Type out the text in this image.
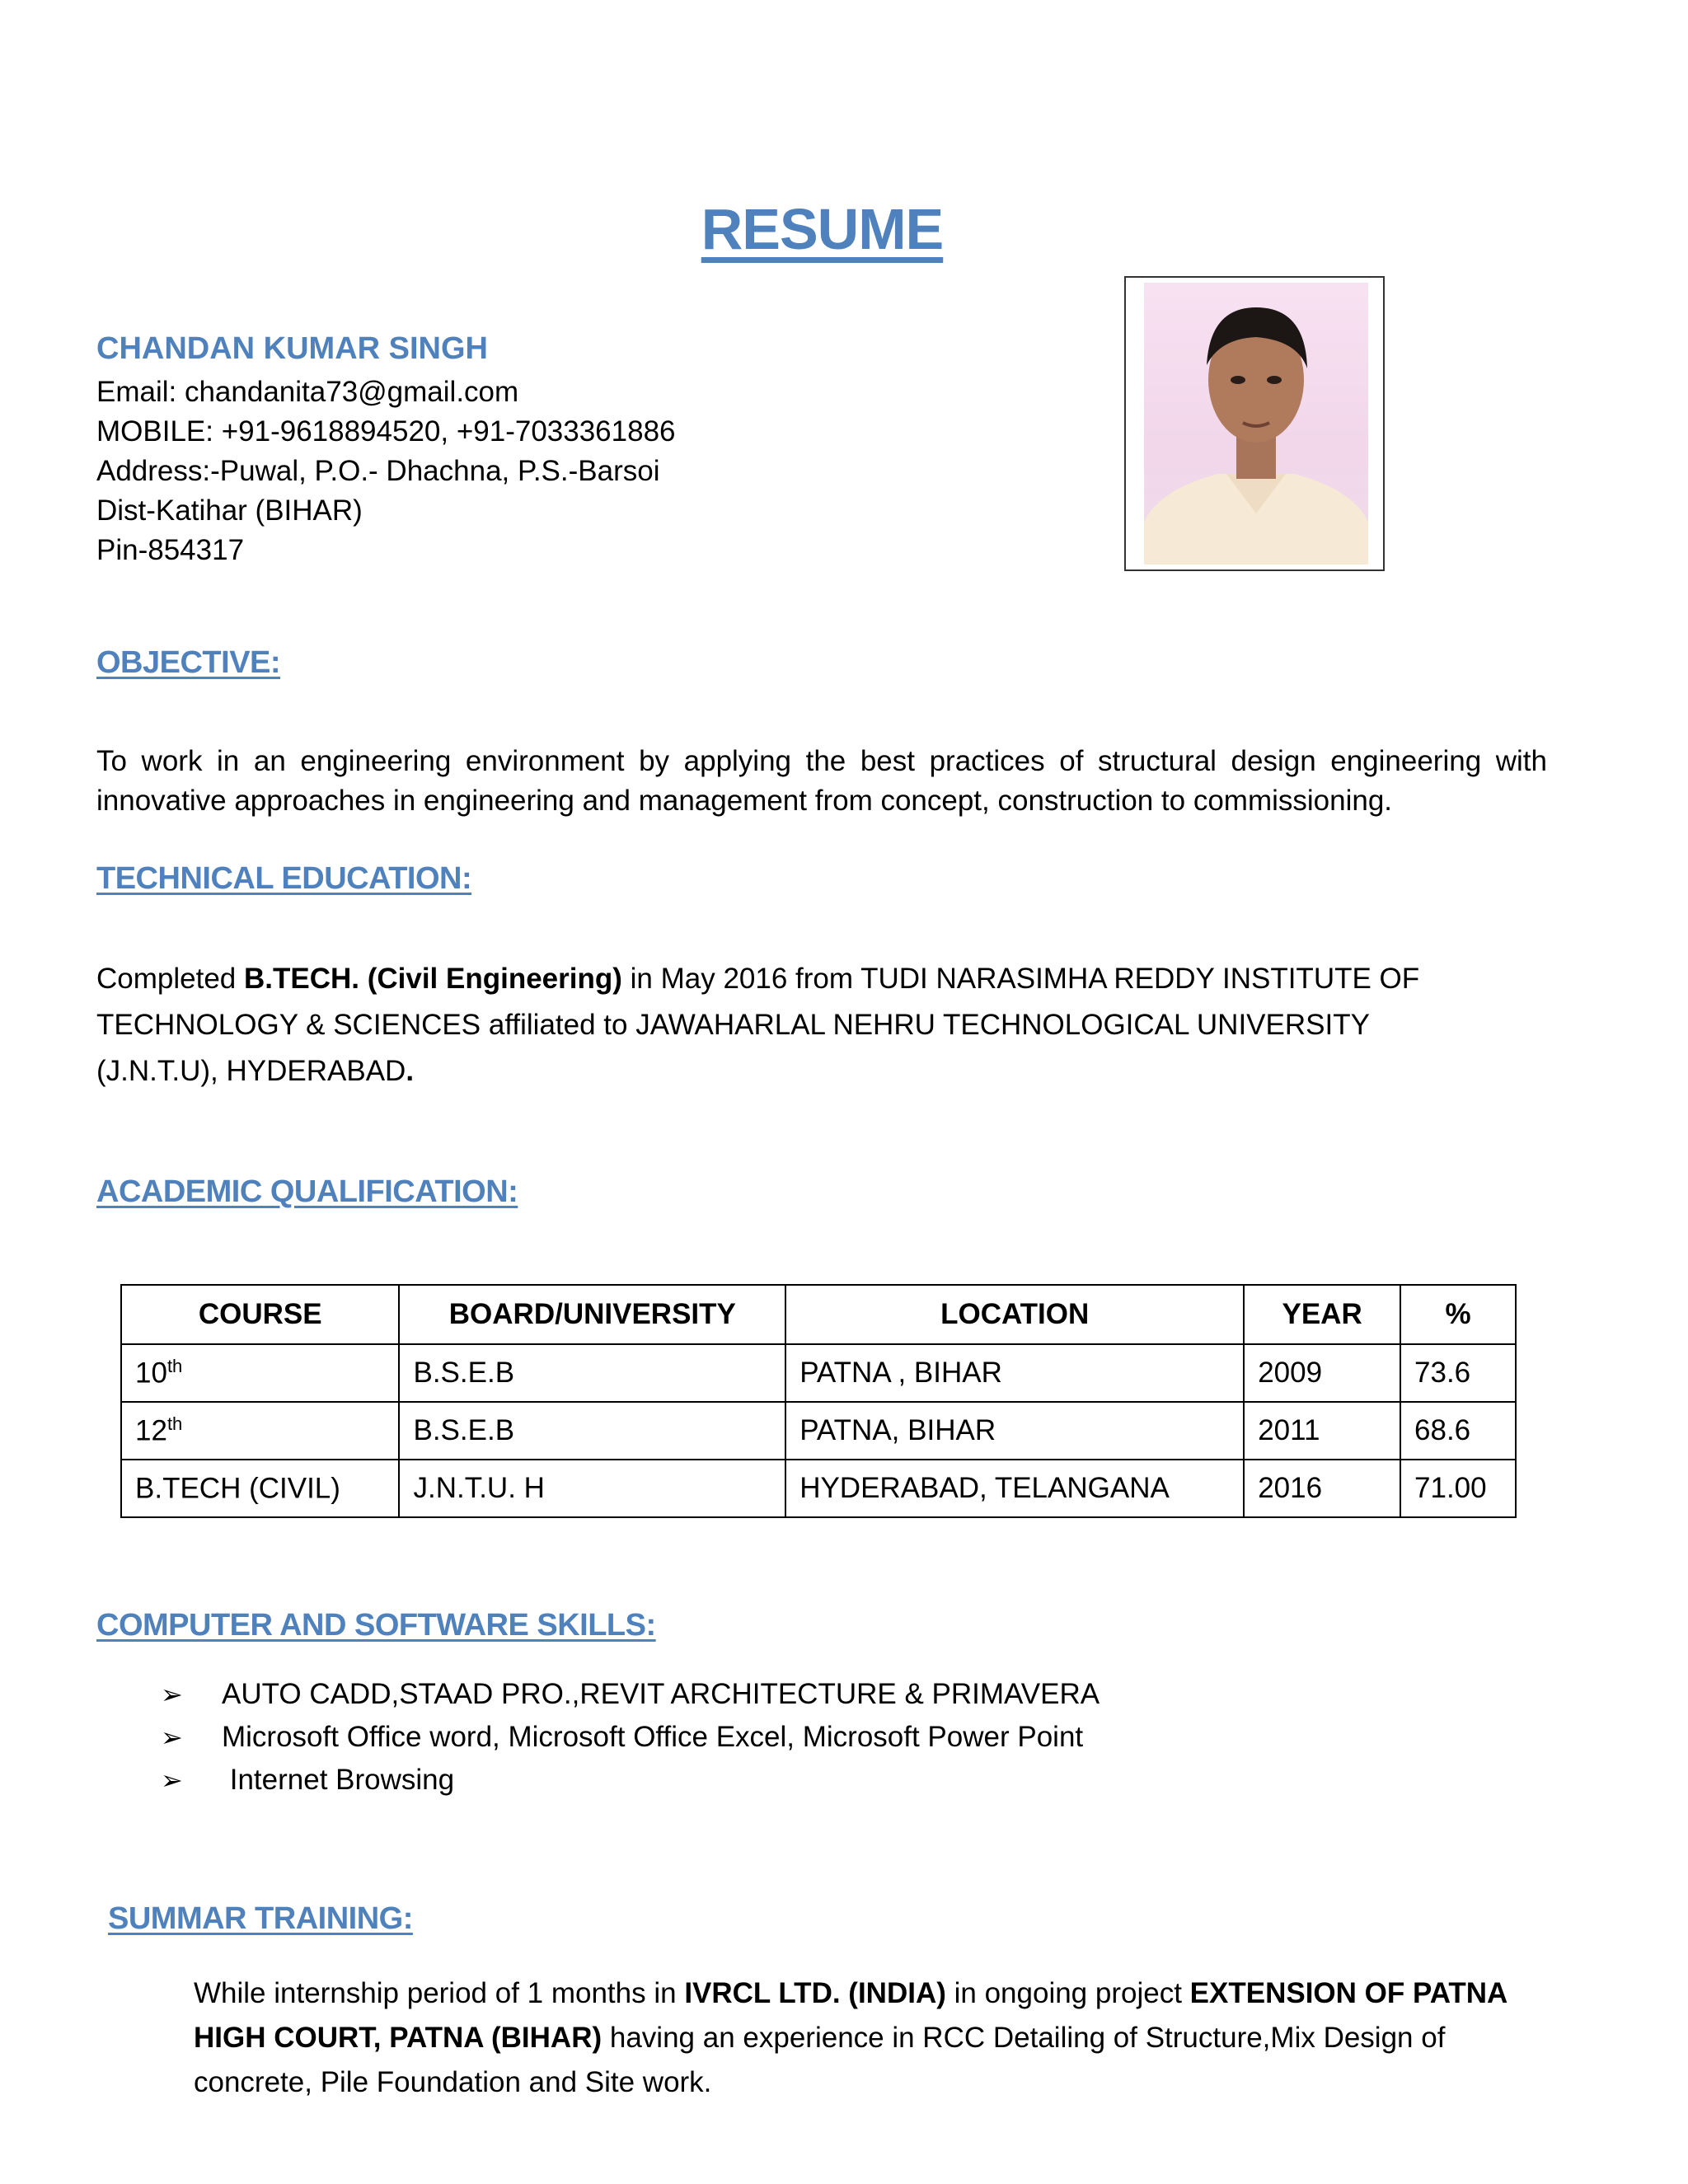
RESUME
CHANDAN KUMAR SINGH
Email: chandanita73@gmail.com
MOBILE: +91-9618894520, +91-7033361886
Address:-Puwal, P.O.- Dhachna, P.S.-Barsoi
Dist-Katihar (BIHAR)
Pin-854317
OBJECTIVE:
To work in an engineering environment by applying the best practices of structural design engineering with innovative approaches in engineering and management from concept, construction to commissioning.
TECHNICAL EDUCATION:
Completed B.TECH. (Civil Engineering) in May 2016 from TUDI NARASIMHA REDDY INSTITUTE OF TECHNOLOGY & SCIENCES affiliated to JAWAHARLAL NEHRU TECHNOLOGICAL UNIVERSITY (J.N.T.U), HYDERABAD.
ACADEMIC QUALIFICATION:
COURSE	BOARD/UNIVERSITY	LOCATION	YEAR	%
10th	B.S.E.B	PATNA , BIHAR	2009	73.6
12th	B.S.E.B	PATNA, BIHAR	2011	68.6
B.TECH (CIVIL)	J.N.T.U. H	HYDERABAD, TELANGANA	2016	71.00
COMPUTER AND SOFTWARE SKILLS:
➢	AUTO CADD,STAAD PRO.,REVIT ARCHITECTURE & PRIMAVERA
➢	Microsoft Office word, Microsoft Office Excel, Microsoft Power Point
➢	Internet Browsing
SUMMAR TRAINING:
While internship period of 1 months in IVRCL LTD. (INDIA) in ongoing project EXTENSION OF PATNA HIGH COURT, PATNA (BIHAR) having an experience in RCC Detailing of Structure,Mix Design of concrete, Pile Foundation and Site work.
